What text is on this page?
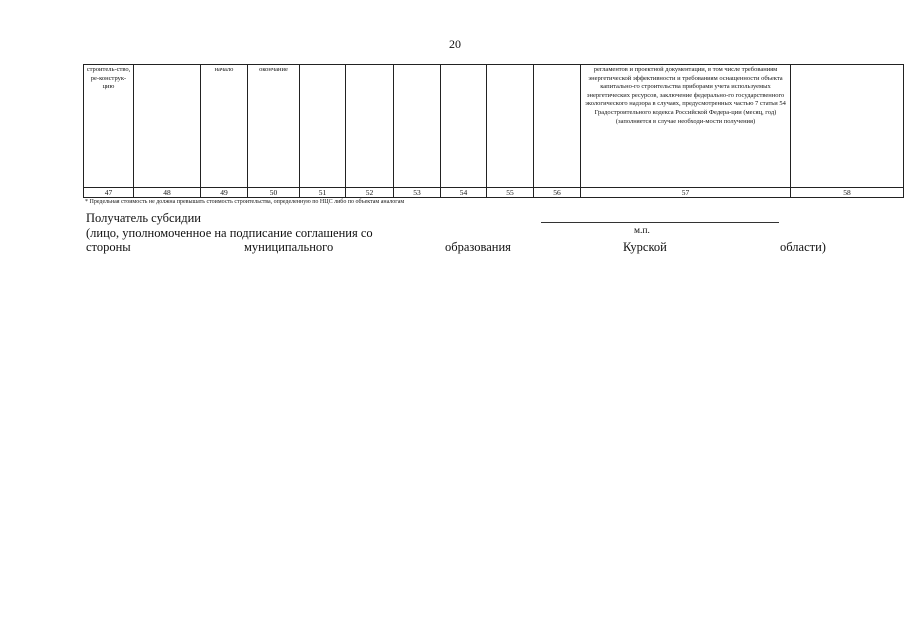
20
строитель-ство, ре-конструк-цию		начало	окончание							регламентов и проектной документации, в том числе требованиям энергетической эффективности и требованиям оснащенности объекта капитально-го строительства приборами учета используемых энергетических ресурсов, заключение федерально-го государственного экологического надзора в случаях, предусмотренных частью 7 статьи 54 Градостроительного кодекса Российской Федера-ции (месяц, год) (заполняется в случае необходи-мости получения)	

47	48	49	50	51	52	53	54	55	56	57	58
* Предельная стоимость не должна превышать стоимость строительства, определенную по НЦС либо по объектам аналогам
Получатель субсидии
(лицо, уполномоченное на подписание соглашения со	м.п.
стороны	муниципального	образования	Курской	области)
